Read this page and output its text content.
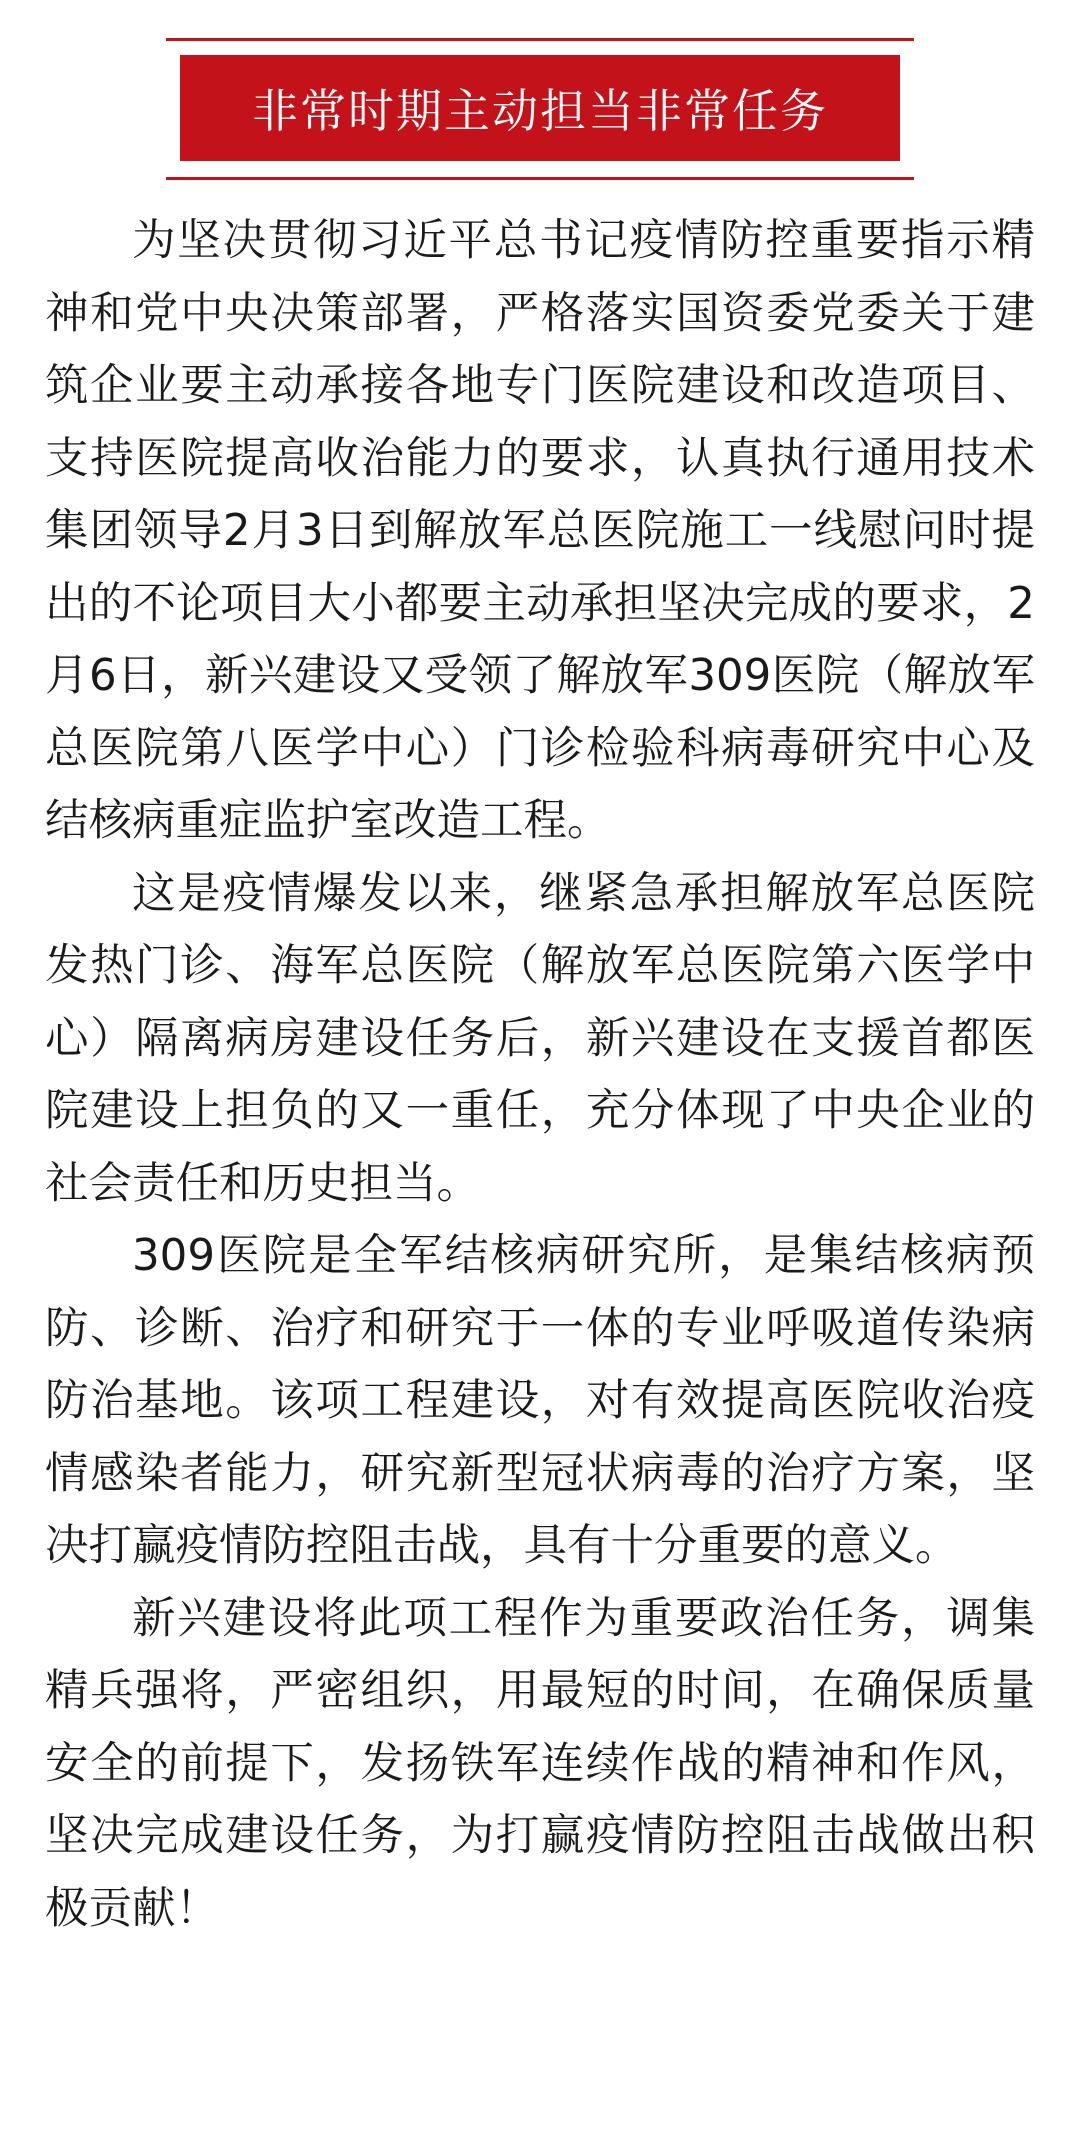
非常时期主动担当非常任务

为坚决贯彻习近平总书记疫情防控重要指示精神和党中央决策部署，严格落实国资委党委关于建筑企业要主动承接各地专门医院建设和改造项目、支持医院提高收治能力的要求，认真执行通用技术集团领导2月3日到解放军总医院施工一线慰问时提出的不论项目大小都要主动承担坚决完成的要求，2月6日，新兴建设又受领了解放军309医院（解放军总医院第八医学中心）门诊检验科病毒研究中心及结核病重症监护室改造工程。

这是疫情爆发以来，继紧急承担解放军总医院发热门诊、海军总医院（解放军总医院第六医学中心）隔离病房建设任务后，新兴建设在支援首都医院建设上担负的又一重任，充分体现了中央企业的社会责任和历史担当。

309医院是全军结核病研究所，是集结核病预防、诊断、治疗和研究于一体的专业呼吸道传染病防治基地。该项工程建设，对有效提高医院收治疫情感染者能力，研究新型冠状病毒的治疗方案，坚决打赢疫情防控阻击战，具有十分重要的意义。

新兴建设将此项工程作为重要政治任务，调集精兵强将，严密组织，用最短的时间，在确保质量安全的前提下，发扬铁军连续作战的精神和作风，坚决完成建设任务，为打赢疫情防控阻击战做出积极贡献！
